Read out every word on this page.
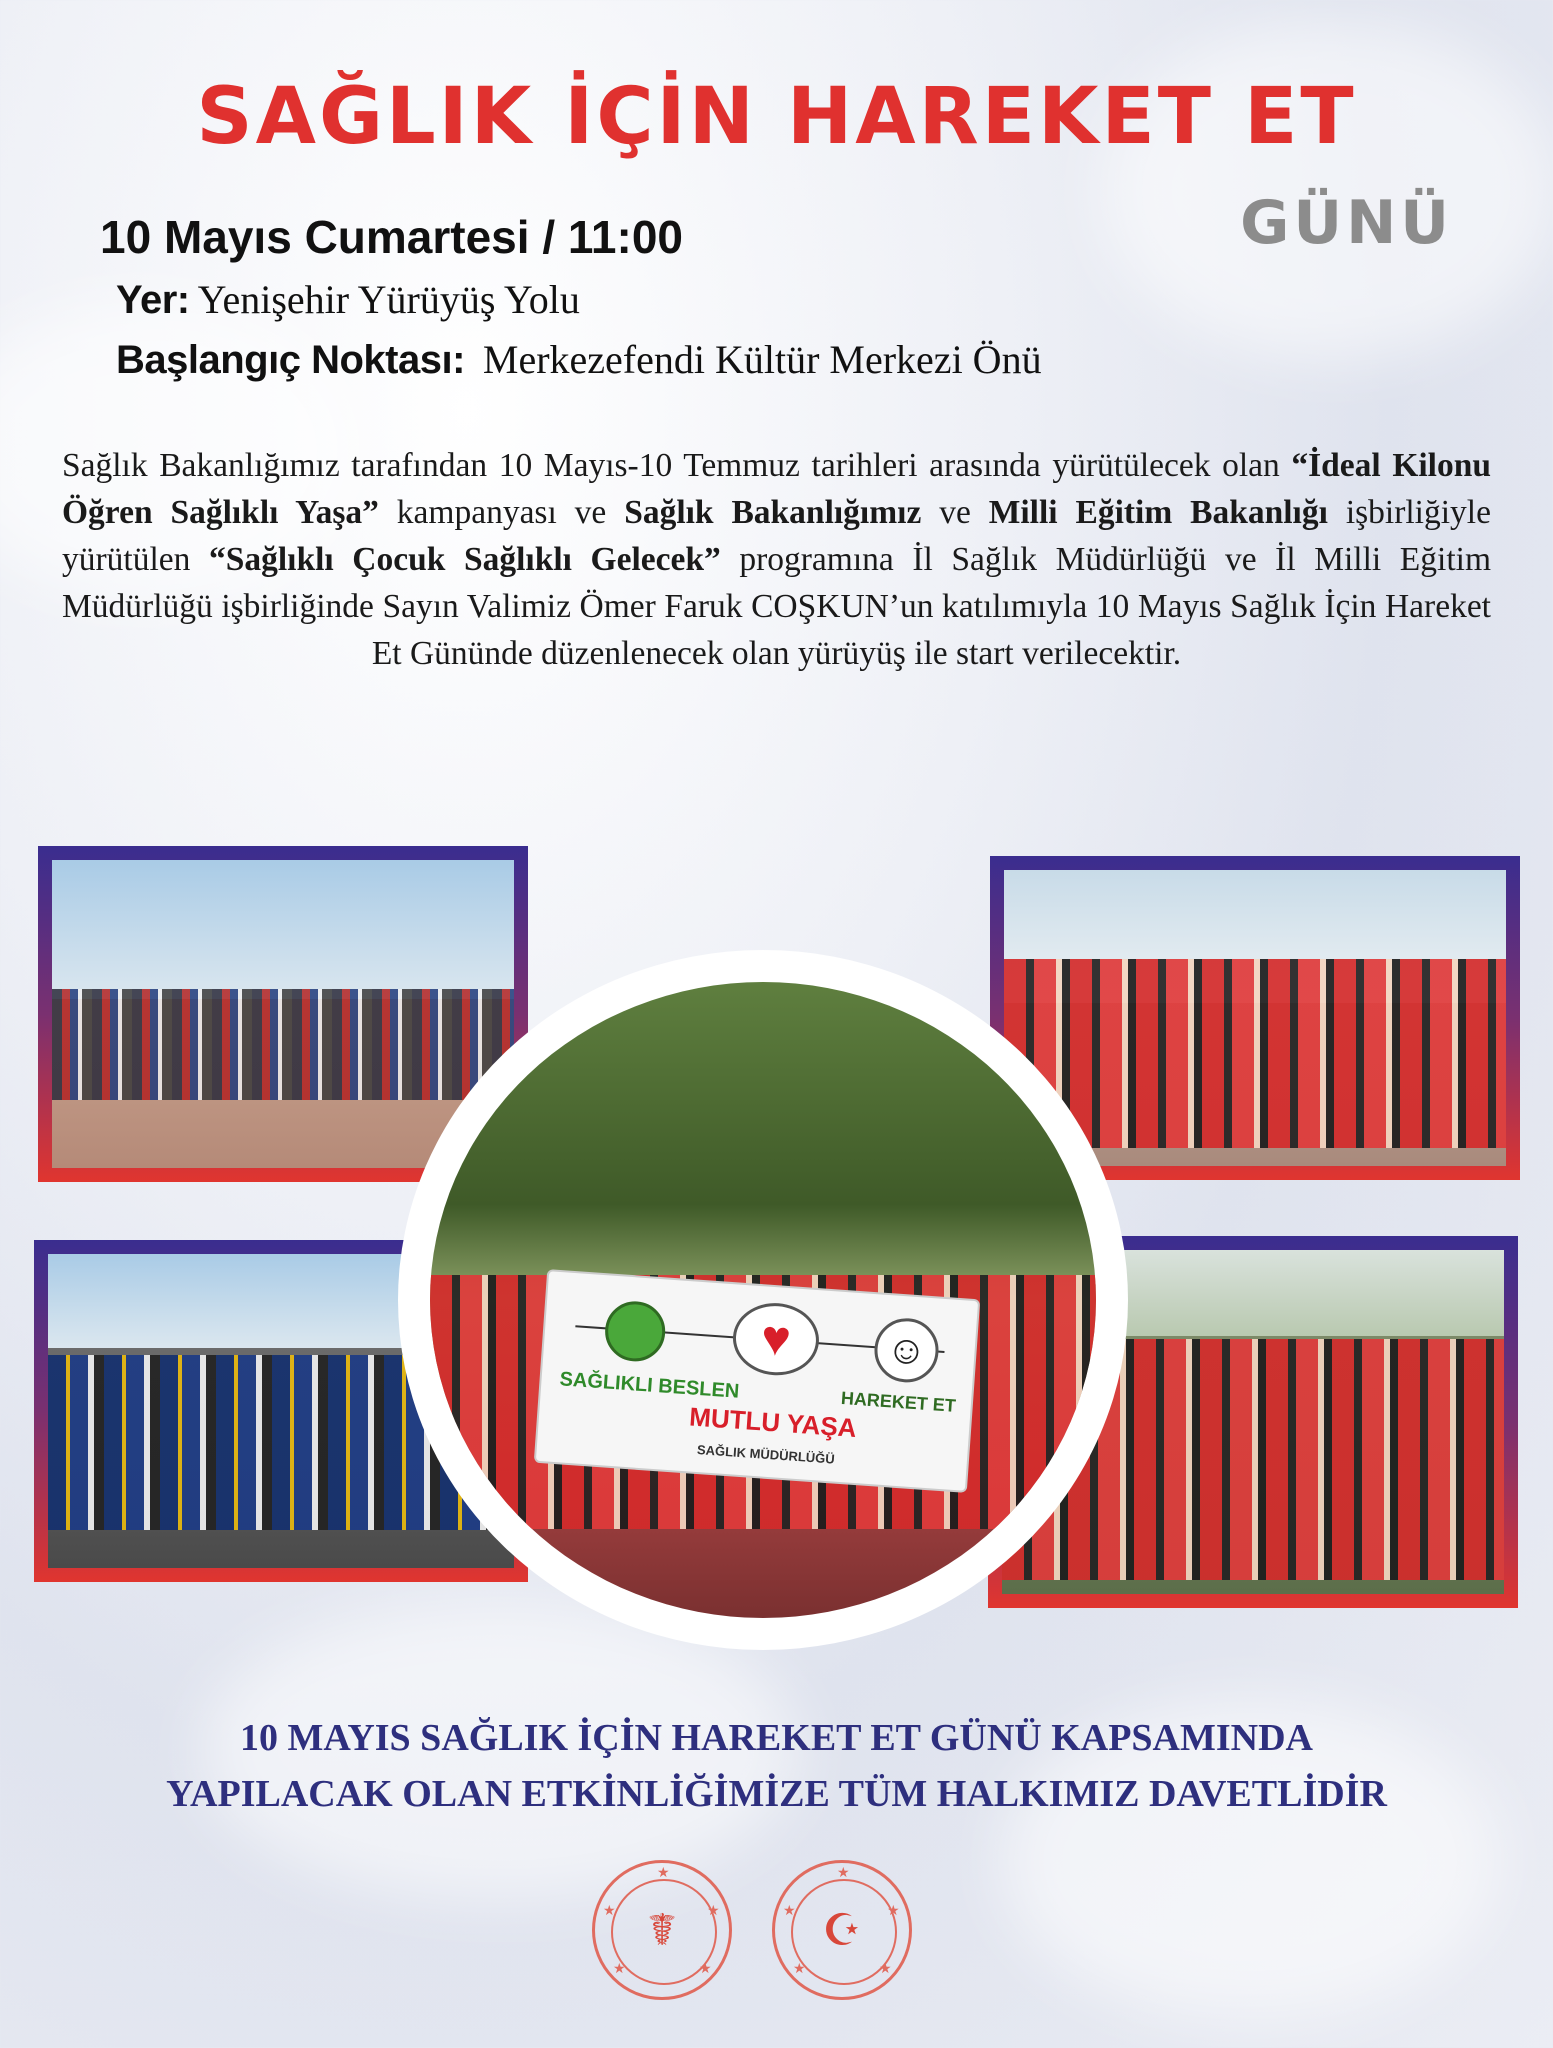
SAĞLIK İÇİN HAREKET ET
GÜNÜ
10 Mayıs Cumartesi / 11:00
Yer: Yenişehir Yürüyüş Yolu
Başlangıç Noktası: Merkezefendi Kültür Merkezi Önü
Sağlık Bakanlığımız tarafından 10 Mayıs-10 Temmuz tarihleri arasında yürütülecek olan “İdeal Kilonu Öğren Sağlıklı Yaşa” kampanyası ve Sağlık Bakanlığımız ve Milli Eğitim Bakanlığı işbirliğiyle yürütülen “Sağlıklı Çocuk Sağlıklı Gelecek” programına İl Sağlık Müdürlüğü ve İl Milli Eğitim Müdürlüğü işbirliğinde Sayın Valimiz Ömer Faruk COŞKUN’un katılımıyla 10 Mayıs Sağlık İçin Hareket Et Gününde düzenlenecek olan yürüyüş ile start verilecektir.
♥	☺
SAĞLIKLI BESLEN	HAREKET ET
MUTLU YAŞA
SAĞLIK MÜDÜRLÜĞÜ
10 MAYIS SAĞLIK İÇİN HAREKET ET GÜNÜ KAPSAMINDA
YAPILACAK OLAN ETKİNLİĞİMİZE TÜM HALKIMIZ DAVETLİDİR
★
★	★
★	★
☤
★
★	★
★	★
☪
